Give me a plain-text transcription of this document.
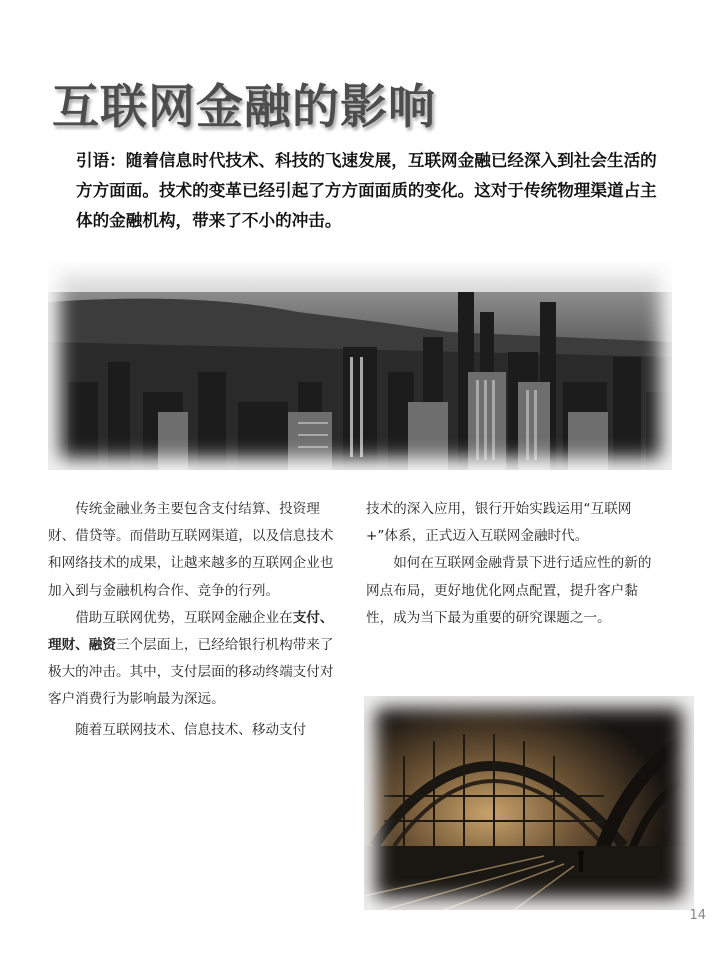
互联网金融的影响

引语：随着信息时代技术、科技的飞速发展，互联网金融已经深入到社会生活的方方面面。技术的变革已经引起了方方面面质的变化。这对于传统物理渠道占主体的金融机构，带来了不小的冲击。

传统金融业务主要包含支付结算、投资理财、借贷等。而借助互联网渠道，以及信息技术和网络技术的成果，让越来越多的互联网企业也加入到与金融机构合作、竞争的行列。

借助互联网优势，互联网金融企业在支付、理财、融资三个层面上，已经给银行机构带来了极大的冲击。其中，支付层面的移动终端支付对客户消费行为影响最为深远。

随着互联网技术、信息技术、移动支付

技术的深入应用，银行开始实践运用“互联网+”体系，正式迈入互联网金融时代。

如何在互联网金融背景下进行适应性的新的网点布局，更好地优化网点配置，提升客户黏性，成为当下最为重要的研究课题之一。

14
